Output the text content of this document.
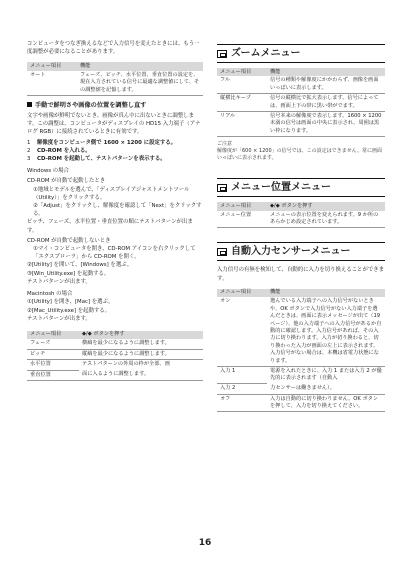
コンピュータをつなぎ換えるなどで入力信号を変えたときには、もう一度調整が必要になることがあります。

メニュー項目	機能
オート	フェーズ、ピッチ、水平位置、垂直位置の設定を、現在入力されている信号に最適な調整値にして、その調整値を記憶します。
手動で鮮明さや画像の位置を調整し直す

文字や画像が鮮明でないとき、画像が真ん中に出ないときに調整します。この調整は、コンピュータがディスプレイの HD15 入力端子（アナログ RGB）に接続されているときに有効です。

1	解像度をコンピュータ側で 1600 × 1200 に設定する。
2	CD-ROM を入れる。
3	CD-ROM を起動して、テストパターンを表示する。

Windows の場合

CD-ROM が自動で起動したとき

①地域とモデルを選んで、「ディスプレイアジャストメントツール（Utility）」をクリックする。

②「Adjust」をクリックし、解像度を確認して「Next」をクリックする。

ピッチ、フェーズ、水平位置・垂直位置の順にテストパターンが出ます。

CD-ROM が自動で起動しないとき

①マイ・コンピュータを開き、CD-ROM アイコンを右クリックして「エクスプローラ」から CD-ROM を開く。

②[Utility] を開いて、[Windows] を選ぶ。

③[Win_Utility.exe] を起動する。

テストパターンが出ます。

Macintosh の場合

①[Utility] を開き、[Mac] を選ぶ。

②[Mac_Utility.exe] を起動する。

テストパターンが出ます。

メニュー項目	◆/◆ ボタンを押す
フェーズ	横縞を最少になるように調整します。
ピッチ	縦縞を最少になるように調整します。
水平位置	テストパターンの外周の枠が全部、画
垂直位置	面に入るように調整します。
ズームメニュー
メニュー項目	機能
フル	信号の種類や解像度にかかわらず、画像を画面いっぱいに表示します。
縦横比キープ	信号の縦横比で拡大表示します。信号によっては、画面上下の帯に黒い帯がでます。
リアル	信号本来の解像度で表示します。1600 × 1200 未満の信号は画面の中央に表示され、周囲は黒い枠になります。

ご注意

解像度が「600 × 1200」の信号では、この設定はできません。常に画面いっぱいに表示されます。

メニュー位置メニュー
メニュー項目	◆/◆ ボタンを押す
メニュー位置	メニューの表示位置を変えられます。9 か所のあらかじめ設定されています。
自動入力センサーメニュー

入力信号の有無を検知して、自動的に入力を切り換えることができます。

メニュー項目	機能
オン	選んでいる入力端子への入力信号がないときや、OK ボタンで入力信号がない入力端子を選んだときは、画面に表示メッセージが出て（19 ページ）、他の入力端子への入力信号があるか自動的に確認します。入力信号があれば、その入力に切り換わります。入力が切り換わると、切り換わった入力が画面の左上に表示されます。入力信号がない場合は、本機は省電力状態になります。
入力 1	電源を入れたときに、入力 1 または入力 2 が優先的に表示されます（自動入
入力 2	力センサーは働きません）。
オフ	入力は自動的に切り換わりません。OK ボタンを押して、入力を切り換えてください。
16
